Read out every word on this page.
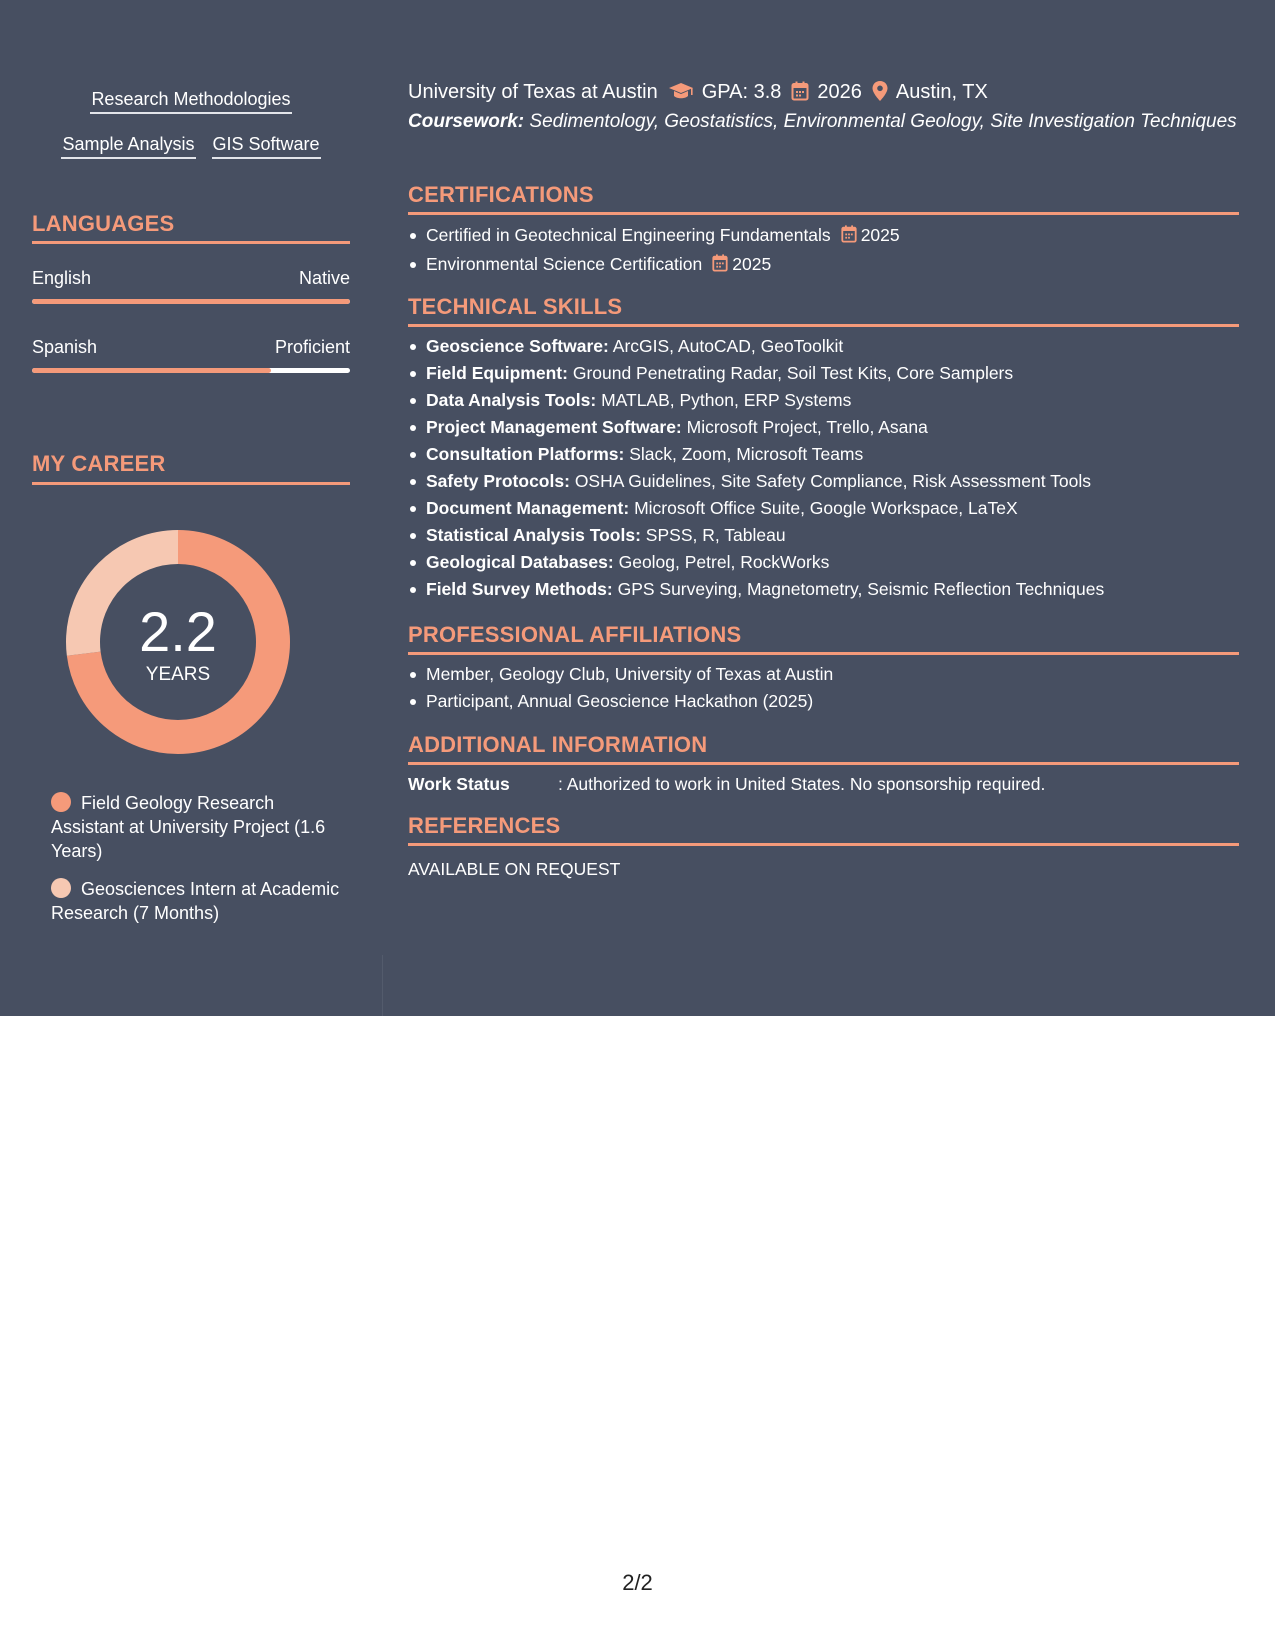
Research Methodologies
Sample Analysis GIS Software
LANGUAGES
English	Native
Spanish	Proficient
MY CAREER
2.2
YEARS
Field Geology Research Assistant at University Project (1.6 Years)
Geosciences Intern at Academic Research (7 Months)
University of Texas at Austin GPA: 3.8 2026 Austin, TX
Coursework: Sedimentology, Geostatistics, Environmental Geology, Site Investigation Techniques
CERTIFICATIONS
Certified in Geotechnical Engineering Fundamentals 2025
Environmental Science Certification 2025
TECHNICAL SKILLS
Geoscience Software: ArcGIS, AutoCAD, GeoToolkit
Field Equipment: Ground Penetrating Radar, Soil Test Kits, Core Samplers
Data Analysis Tools: MATLAB, Python, ERP Systems
Project Management Software: Microsoft Project, Trello, Asana
Consultation Platforms: Slack, Zoom, Microsoft Teams
Safety Protocols: OSHA Guidelines, Site Safety Compliance, Risk Assessment Tools
Document Management: Microsoft Office Suite, Google Workspace, LaTeX
Statistical Analysis Tools: SPSS, R, Tableau
Geological Databases: Geolog, Petrel, RockWorks
Field Survey Methods: GPS Surveying, Magnetometry, Seismic Reflection Techniques
PROFESSIONAL AFFILIATIONS
Member, Geology Club, University of Texas at Austin
Participant, Annual Geoscience Hackathon (2025)
ADDITIONAL INFORMATION
Work Status	: Authorized to work in United States. No sponsorship required.
REFERENCES
AVAILABLE ON REQUEST
2/2
